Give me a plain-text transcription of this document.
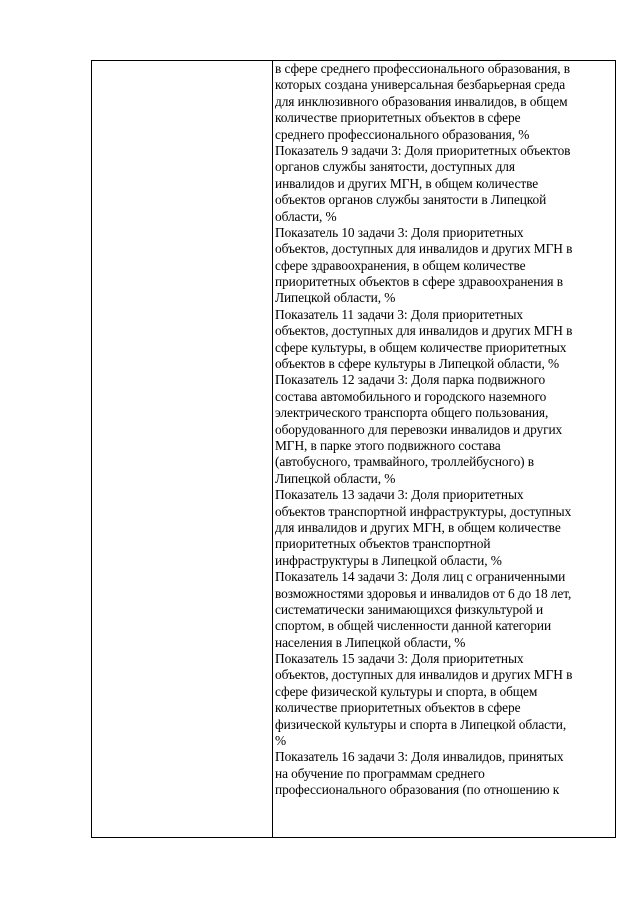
в сфере среднего профессионального образования, в
которых создана универсальная безбарьерная среда
для инклюзивного образования инвалидов, в общем
количестве приоритетных объектов в сфере
среднего профессионального образования, %
Показатель 9 задачи 3: Доля приоритетных объектов
органов службы занятости, доступных для
инвалидов и других МГН, в общем количестве
объектов органов службы занятости в Липецкой
области, %
Показатель 10 задачи 3: Доля приоритетных
объектов, доступных для инвалидов и других МГН в
сфере здравоохранения, в общем количестве
приоритетных объектов в сфере здравоохранения в
Липецкой области, %
Показатель 11 задачи 3: Доля приоритетных
объектов, доступных для инвалидов и других МГН в
сфере культуры, в общем количестве приоритетных
объектов в сфере культуры в Липецкой области, %
Показатель 12 задачи 3: Доля парка подвижного
состава автомобильного и городского наземного
электрического транспорта общего пользования,
оборудованного для перевозки инвалидов и других
МГН, в парке этого подвижного состава
(автобусного, трамвайного, троллейбусного) в
Липецкой области, %
Показатель 13 задачи 3: Доля приоритетных
объектов транспортной инфраструктуры, доступных
для инвалидов и других МГН, в общем количестве
приоритетных объектов транспортной
инфраструктуры в Липецкой области, %
Показатель 14 задачи 3: Доля лиц с ограниченными
возможностями здоровья и инвалидов от 6 до 18 лет,
систематически занимающихся физкультурой и
спортом, в общей численности данной категории
населения в Липецкой области, %
Показатель 15 задачи 3: Доля приоритетных
объектов, доступных для инвалидов и других МГН в
сфере физической культуры и спорта, в общем
количестве приоритетных объектов в сфере
физической культуры и спорта в Липецкой области,
%
Показатель 16 задачи 3: Доля инвалидов, принятых
на обучение по программам среднего
профессионального образования (по отношению к
